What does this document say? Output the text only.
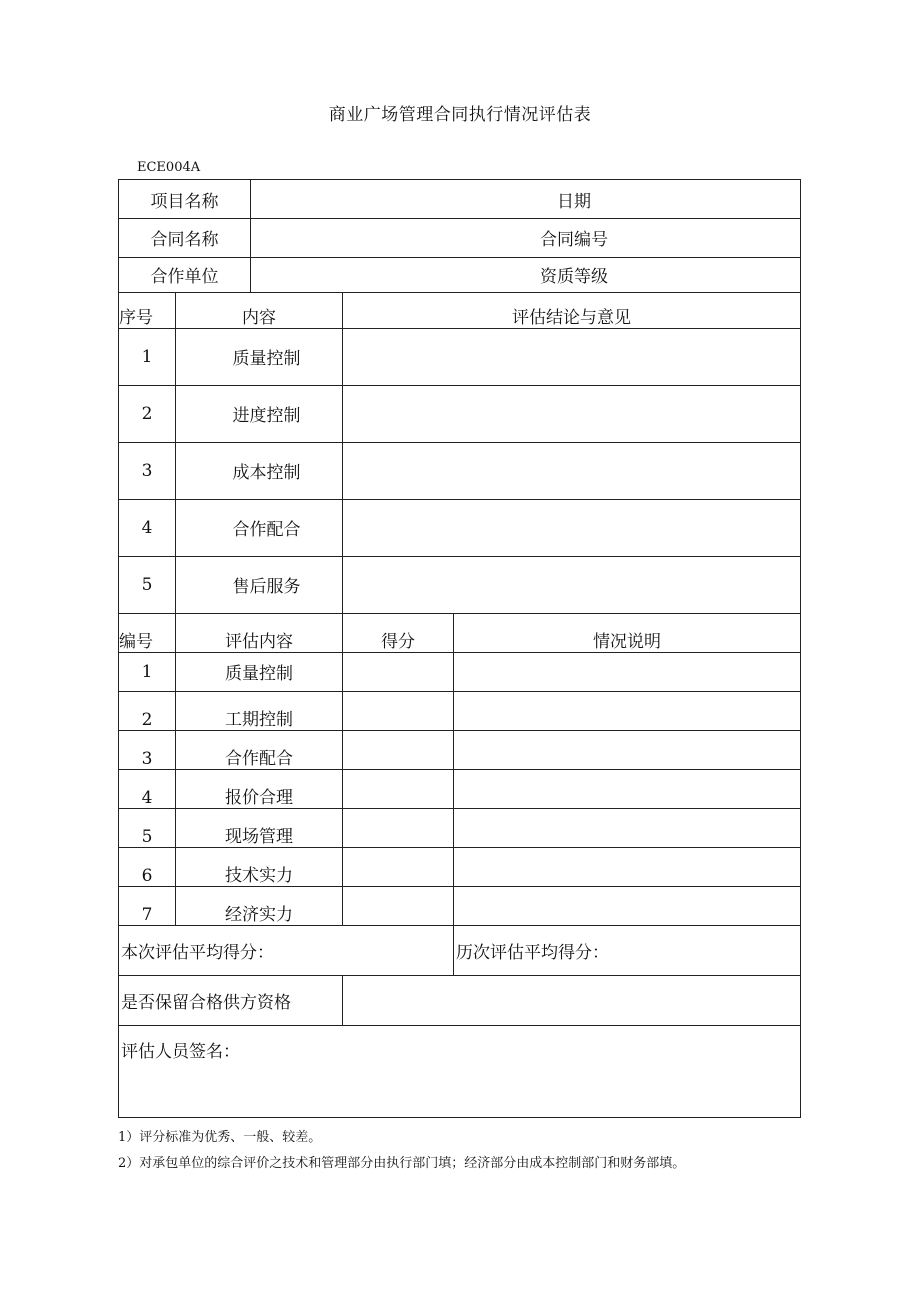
商业广场管理合同执行情况评估表
ECE004A
项目名称	日期
合同名称	合同编号
合作单位	资质等级
序号	内容	评估结论与意见
1	质量控制
2	进度控制
3	成本控制
4	合作配合
5	售后服务
编号	评估内容	得分	情况说明
1	质量控制
2	工期控制
3	合作配合
4	报价合理
5	现场管理
6	技术实力
7	经济实力
本次评估平均得分：	历次评估平均得分：
是否保留合格供方资格
评估人员签名：
1）评分标准为优秀、一般、较差。
2）对承包单位的综合评价之技术和管理部分由执行部门填；经济部分由成本控制部门和财务部填。
